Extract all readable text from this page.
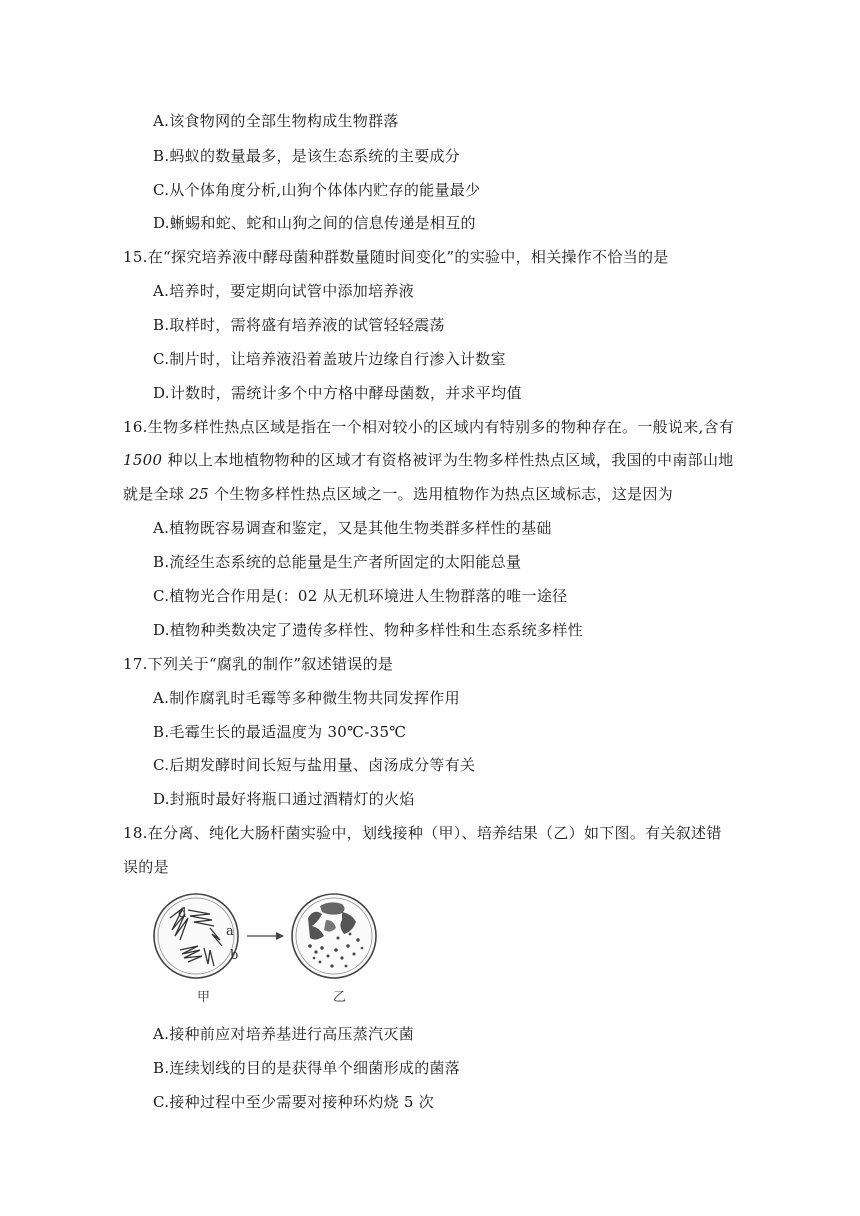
A.该食物网的全部生物构成生物群落
B.蚂蚁的数量最多，是该生态系统的主要成分
C.从个体角度分析,山狗个体体内贮存的能量最少
D.蜥蜴和蛇、蛇和山狗之间的信息传递是相互的
15.在“探究培养液中酵母菌种群数量随时间变化”的实验中，相关操作不恰当的是
A.培养时，要定期向试管中添加培养液
B.取样时，需将盛有培养液的试管轻轻震荡
C.制片时，让培养液沿着盖玻片边缘自行渗入计数室
D.计数时，需统计多个中方格中酵母菌数，并求平均值
16.生物多样性热点区域是指在一个相对较小的区域内有特别多的物种存在。一般说来,含有
1500 种以上本地植物物种的区域才有资格被评为生物多样性热点区域，我国的中南部山地
就是全球 25 个生物多样性热点区域之一。选用植物作为热点区域标志，这是因为
A.植物既容易调查和鉴定，又是其他生物类群多样性的基础
B.流经生态系统的总能量是生产者所固定的太阳能总量
C.植物光合作用是(：02 从无机环境进人生物群落的唯一途径
D.植物种类数决定了遗传多样性、物种多样性和生态系统多样性
17.下列关于“腐乳的制作”叙述错误的是
A.制作腐乳时毛霉等多种微生物共同发挥作用
B.毛霉生长的最适温度为 30℃-35℃
C.后期发酵时间长短与盐用量、卤汤成分等有关
D.封瓶时最好将瓶口通过酒精灯的火焰
18.在分离、纯化大肠杆菌实验中，划线接种（甲）、培养结果（乙）如下图。有关叙述错
误的是
d
a
b
甲	乙
A.接种前应对培养基进行高压蒸汽灭菌
B.连续划线的目的是获得单个细菌形成的菌落
C.接种过程中至少需要对接种环灼烧 5 次
